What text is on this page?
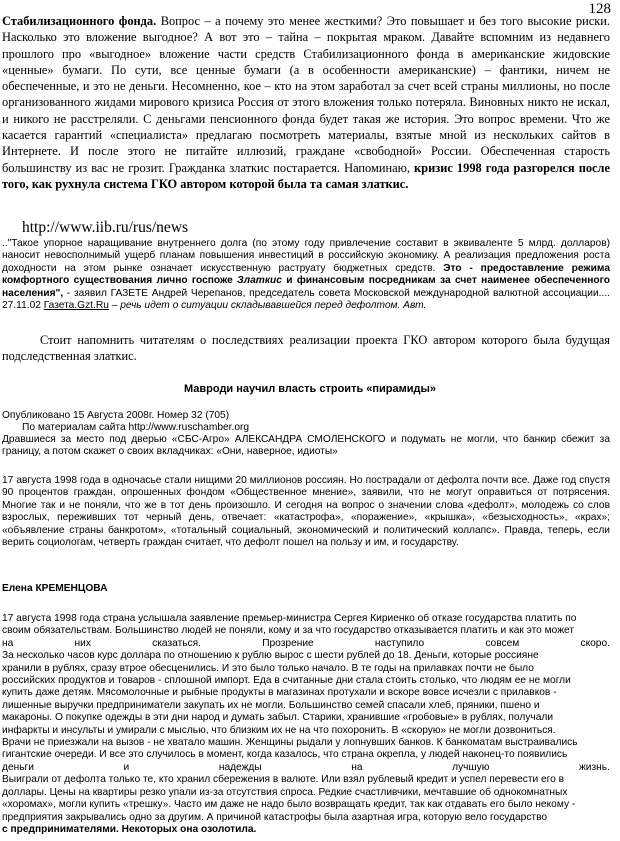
128

Стабилизационного фонда. Вопрос – а почему это менее жесткими? Это повышает и без того высокие риски. Насколько это вложение выгодное? А вот это – тайна – покрытая мраком. Давайте вспомним из недавнего прошлого про «выгодное» вложение части средств Стабилизационного фонда в американские жидовские «ценные» бумаги. По сути, все ценные бумаги (а в особенности американские) – фантики, ничем не обеспеченные, и это не деньги. Несомненно, кое – кто на этом заработал за счет всей страны миллионы, но после организованного жидами мирового кризиса Россия от этого вложения только потеряла. Виновных никто не искал, и никого не расстреляли. С деньгами пенсионного фонда будет такая же история. Это вопрос времени. Что же касается гарантий «специалиста» предлагаю посмотреть материалы, взятые мной из нескольких сайтов в Интернете. И после этого не питайте иллюзий, граждане «свободной» России. Обеспеченная старость большинству из вас не грозит. Гражданка златкис постарается. Напоминаю, кризис 1998 года разгорелся после того, как рухнула система ГКО автором которой была та самая златкис.

http://www.iib.ru/rus/news

.."Такое упорное наращивание внутреннего долга (по этому году привлечение составит в эквиваленте 5 млрд. долларов) наносит невосполнимый ущерб планам повышения инвестиций в российскую экономику. А реализация предложения роста доходности на этом рынке означает искусственную раструату бюджетных средств. Это - предоставление режима комфортного существования лично госпоже Златкис и финансовым посредникам за счет наименее обеспеченного населения", - заявил ГАЗЕТЕ Андрей Черепанов, председатель совета Московской международной валютной ассоциации.... 27.11.02 Газета.Gzt.Ru – речь идет о ситуации складывавшейся перед дефолтом. Авт.

Стоит напомнить читателям о последствиях реализации проекта ГКО автором которого была будущая подследственная златкис.

Мавроди научил власть строить «пирамиды»
Опубликовано 15 Августа 2008г. Номер 32 (705)
По материалам сайта http://www.ruschamber.org

Дравшиеся за место под дверью «СБС-Агро» АЛЕКСАНДРА СМОЛЕНСКОГО и подумать не могли, что банкир сбежит за границу, а потом скажет о своих вкладчиках: «Они, наверное, идиоты»

17 августа 1998 года в одночасье стали нищими 20 миллионов россиян. Но пострадали от дефолта почти все. Даже год спустя 90 процентов граждан, опрошенных фондом «Общественное мнение», заявили, что не могут оправиться от потрясения. Многие так и не поняли, что же в тот день произошло. И сегодня на вопрос о значении слова «дефолт», молодежь со слов взрослых, переживших тот черный день, отвечает: «катастрофа», «поражение», «крышка», «безысходность», «крах»; «объявление страны банкротом», «тотальный социальный, экономический и политический коллапс». Правда, теперь, если верить социологам, четверть граждан считает, что дефолт пошел на пользу и им, и государству.

Елена КРЕМЕНЦОВА
17 августа 1998 года страна услышала заявление премьер-министра Сергея Кириенко об отказе государства платить по
своим обязательствам. Большинство людей не поняли, кому и за что государство отказывается платить и как это может
на	них	сказаться.	Прозрение	наступило	совсем	скоро.
За несколько часов курс доллара по отношению к рублю вырос с шести рублей до 18. Деньги, которые россияне
хранили в рублях, сразу втрое обесценились. И это было только начало. В те годы на прилавках почти не было
российских продуктов и товаров - сплошной импорт. Еда в считанные дни стала стоить столько, что людям ее не могли
купить даже детям. Мясомолочные и рыбные продукты в магазинах протухали и вскоре вовсе исчезли с прилавков -
лишенные выручки предприниматели закупать их не могли. Большинство семей спасали хлеб, пряники, пшено и
макароны. О покупке одежды в эти дни народ и думать забыл. Старики, хранившие «гробовые» в рублях, получали
инфаркты и инсульты и умирали с мыслью, что близким их не на что похоронить. В «скорую» не могли дозвониться.
Врачи не приезжали на вызов - не хватало машин. Женщины рыдали у лопнувших банков. К банкоматам выстраивались
гигантские очереди. И все это случилось в момент, когда казалось, что страна окрепла, у людей наконец-то появились
деньги	и	надежды	на	лучшую	жизнь.
Выиграли от дефолта только те, кто хранил сбережения в валюте. Или взял рублевый кредит и успел перевести его в
доллары. Цены на квартиры резко упали из-за отсутствия спроса. Редкие счастливчики, мечтавшие об однокомнатных
«хоромах», могли купить «трешку». Часто им даже не надо было возвращать кредит, так как отдавать его было некому -
предприятия закрывались одно за другим. А причиной катастрофы была азартная игра, которую вело государство
с предпринимателями. Некоторых она озолотила.
